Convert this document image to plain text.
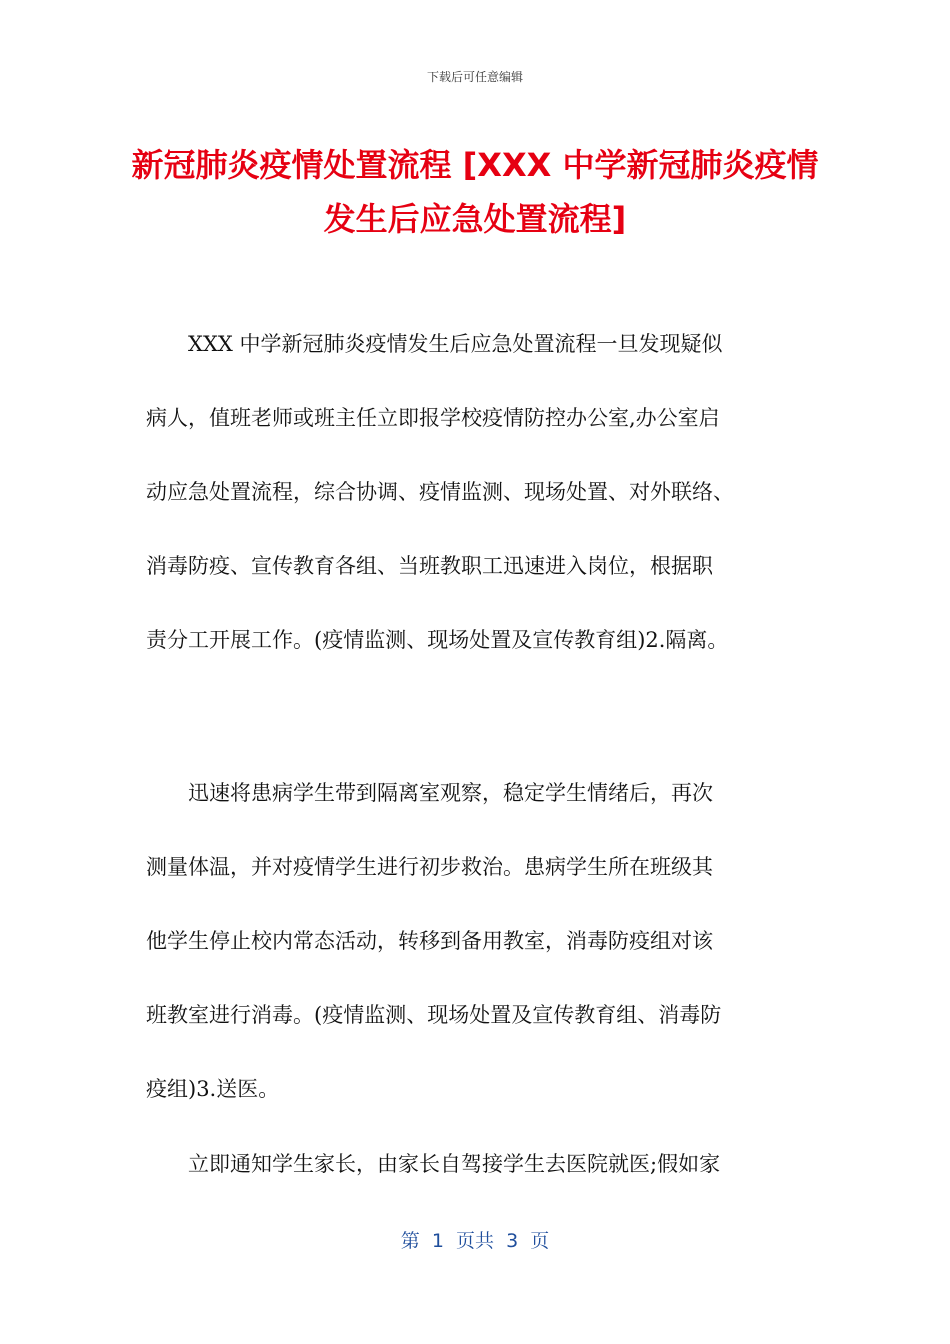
下载后可任意编辑
新冠肺炎疫情处置流程 [XXX 中学新冠肺炎疫情发生后应急处置流程]
　　XXX 中学新冠肺炎疫情发生后应急处置流程一旦发现疑似
病人，值班老师或班主任立即报学校疫情防控办公室,办公室启
动应急处置流程，综合协调、疫情监测、现场处置、对外联络、
消毒防疫、宣传教育各组、当班教职工迅速进入岗位，根据职
责分工开展工作。(疫情监测、现场处置及宣传教育组)2.隔离。
　　迅速将患病学生带到隔离室观察，稳定学生情绪后，再次
测量体温，并对疫情学生进行初步救治。患病学生所在班级其
他学生停止校内常态活动，转移到备用教室，消毒防疫组对该
班教室进行消毒。(疫情监测、现场处置及宣传教育组、消毒防
疫组)3.送医。
　　立即通知学生家长，由家长自驾接学生去医院就医;假如家
第  1  页共  3  页
